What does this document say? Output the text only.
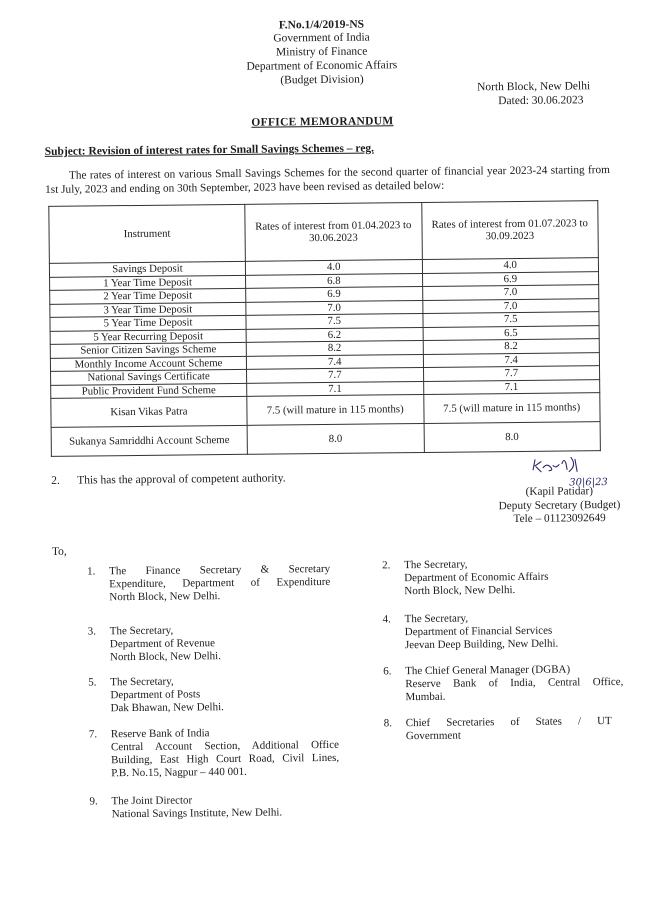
F.No.1/4/2019-NS
Government of India
Ministry of Finance
Department of Economic Affairs
(Budget Division)
North Block, New Delhi
Dated: 30.06.2023
OFFICE MEMORANDUM
Subject: Revision of interest rates for Small Savings Schemes – reg.
The rates of interest on various Small Savings Schemes for the second quarter of financial year 2023-24 starting from 1st July, 2023 and ending on 30th September, 2023 have been revised as detailed below:
Instrument	Rates of interest from 01.04.2023 to 30.06.2023	Rates of interest from 01.07.2023 to 30.09.2023
Savings Deposit	4.0	4.0
1 Year Time Deposit	6.8	6.9
2 Year Time Deposit	6.9	7.0
3 Year Time Deposit	7.0	7.0
5 Year Time Deposit	7.5	7.5
5 Year Recurring Deposit	6.2	6.5
Senior Citizen Savings Scheme	8.2	8.2
Monthly Income Account Scheme	7.4	7.4
National Savings Certificate	7.7	7.7
Public Provident Fund Scheme	7.1	7.1
Kisan Vikas Patra	7.5 (will mature in 115 months)	7.5 (will mature in 115 months)
Sukanya Samriddhi Account Scheme	8.0	8.0
2. This has the approval of competent authority.	30|6|23
(Kapil Patidar)
Deputy Secretary (Budget)
Tele – 01123092649
To,
1.	The Finance Secretary & Secretary
Expenditure, Department of Expenditure
North Block, New Delhi.
3.	The Secretary,
Department of Revenue
North Block, New Delhi.
5.	The Secretary,
Department of Posts
Dak Bhawan, New Delhi.
7.	Reserve Bank of India
Central Account Section, Additional Office
Building, East High Court Road, Civil Lines,
P.B. No.15, Nagpur – 440 001.
9.	The Joint Director
National Savings Institute, New Delhi.
2.	The Secretary,
Department of Economic Affairs
North Block, New Delhi.
4.	The Secretary,
Department of Financial Services
Jeevan Deep Building, New Delhi.
6.	The Chief General Manager (DGBA)
Reserve Bank of India, Central Office,
Mumbai.
8.	Chief Secretaries of States / UT
Government
